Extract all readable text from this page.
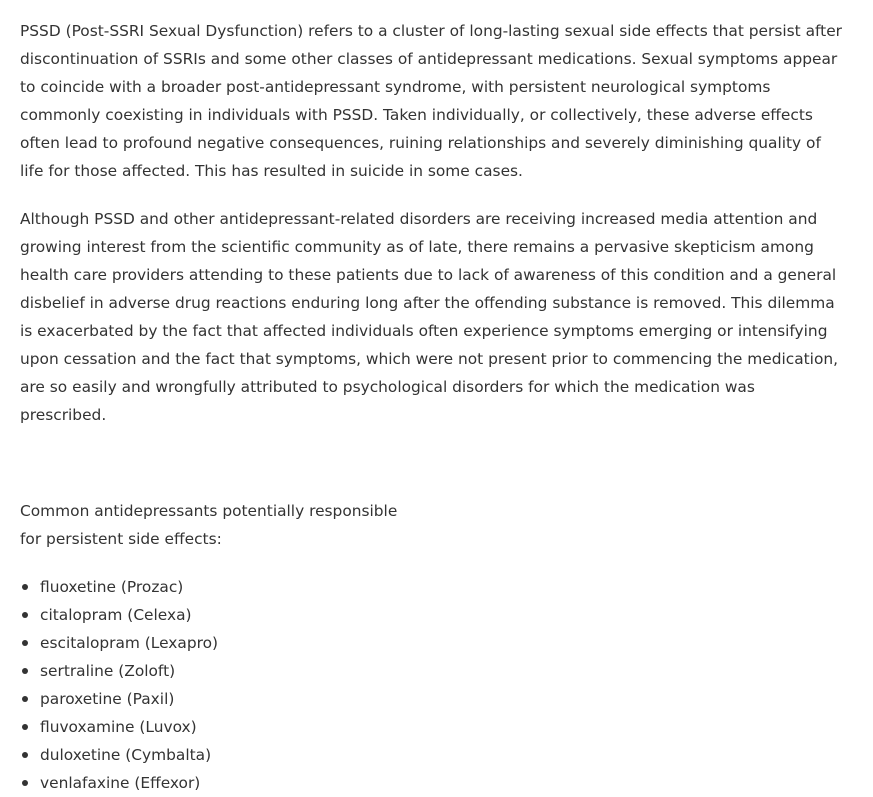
PSSD (Post-SSRI Sexual Dysfunction) refers to a cluster of long-lasting sexual side effects that persist after discontinuation of SSRIs and some other classes of antidepressant medications. Sexual symptoms appear to coincide with a broader post-antidepressant syndrome, with persistent neurological symptoms commonly coexisting in individuals with PSSD. Taken individually, or collectively, these adverse effects often lead to profound negative consequences, ruining relationships and severely diminishing quality of life for those affected. This has resulted in suicide in some cases.

Although PSSD and other antidepressant-related disorders are receiving increased media attention and growing interest from the scientific community as of late, there remains a pervasive skepticism among health care providers attending to these patients due to lack of awareness of this condition and a general disbelief in adverse drug reactions enduring long after the offending substance is removed. This dilemma is exacerbated by the fact that affected individuals often experience symptoms emerging or intensifying upon cessation and the fact that symptoms, which were not present prior to commencing the medication, are so easily and wrongfully attributed to psychological disorders for which the medication was prescribed.

Common antidepressants potentially responsible for persistent side effects:

fluoxetine (Prozac)
citalopram (Celexa)
escitalopram (Lexapro)
sertraline (Zoloft)
paroxetine (Paxil)
fluvoxamine (Luvox)
duloxetine (Cymbalta)
venlafaxine (Effexor)
